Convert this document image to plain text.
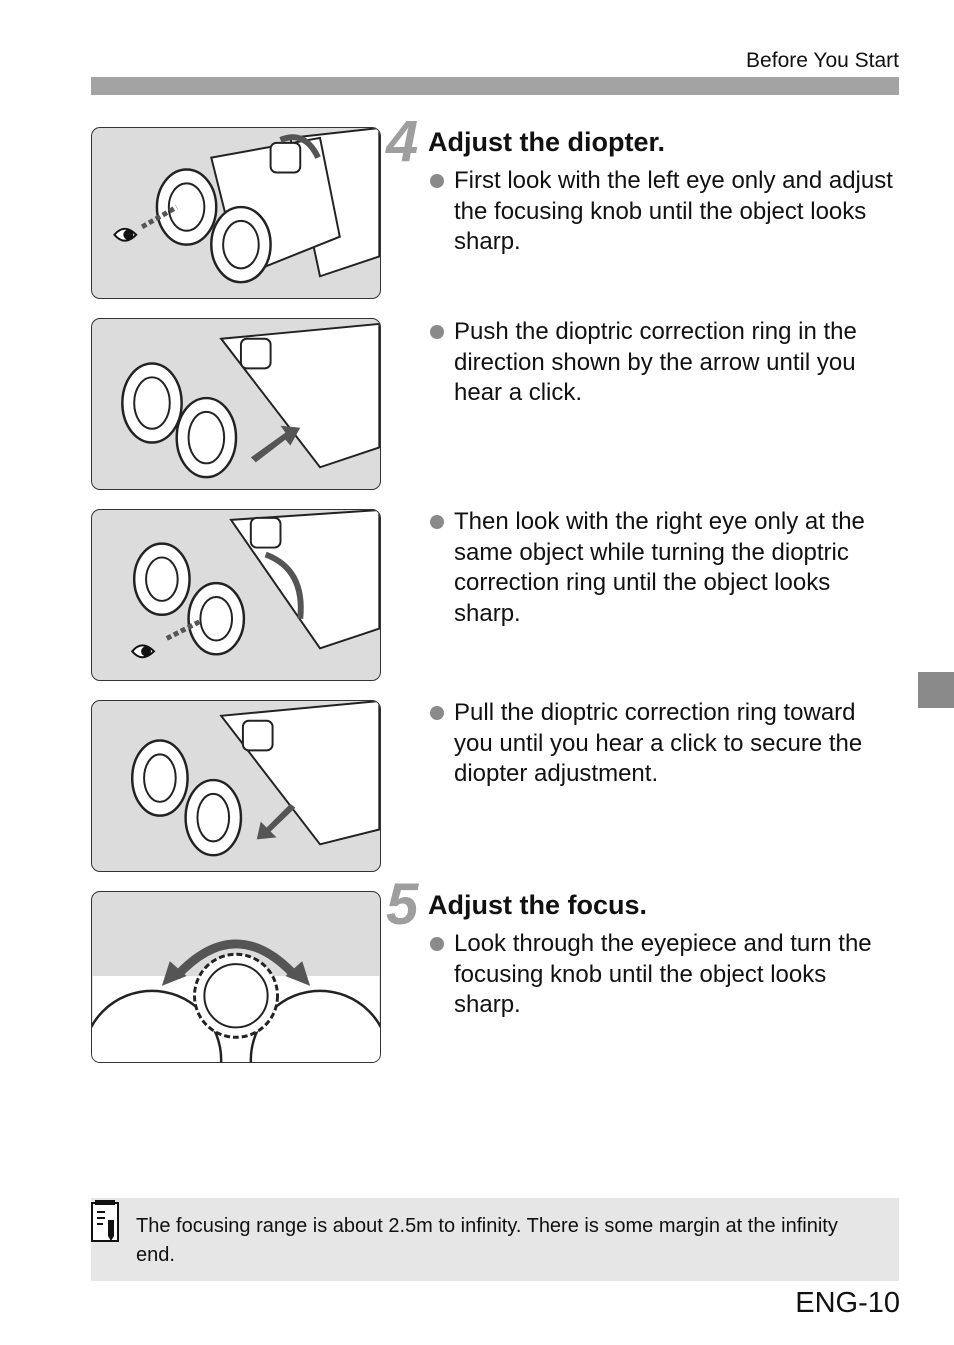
Before You Start
4 Adjust the diopter.
First look with the left eye only and adjust the focusing knob until the object looks sharp.
Push the dioptric correction ring in the direction shown by the arrow until you hear a click.
Then look with the right eye only at the same object while turning the dioptric correction ring until the object looks sharp.
Pull the dioptric correction ring toward you until you hear a click to secure the diopter adjustment.
5 Adjust the focus.
Look through the eyepiece and turn the focusing knob until the object looks sharp.
The focusing range is about 2.5m to infinity. There is some margin at the infinity end.
ENG-10
